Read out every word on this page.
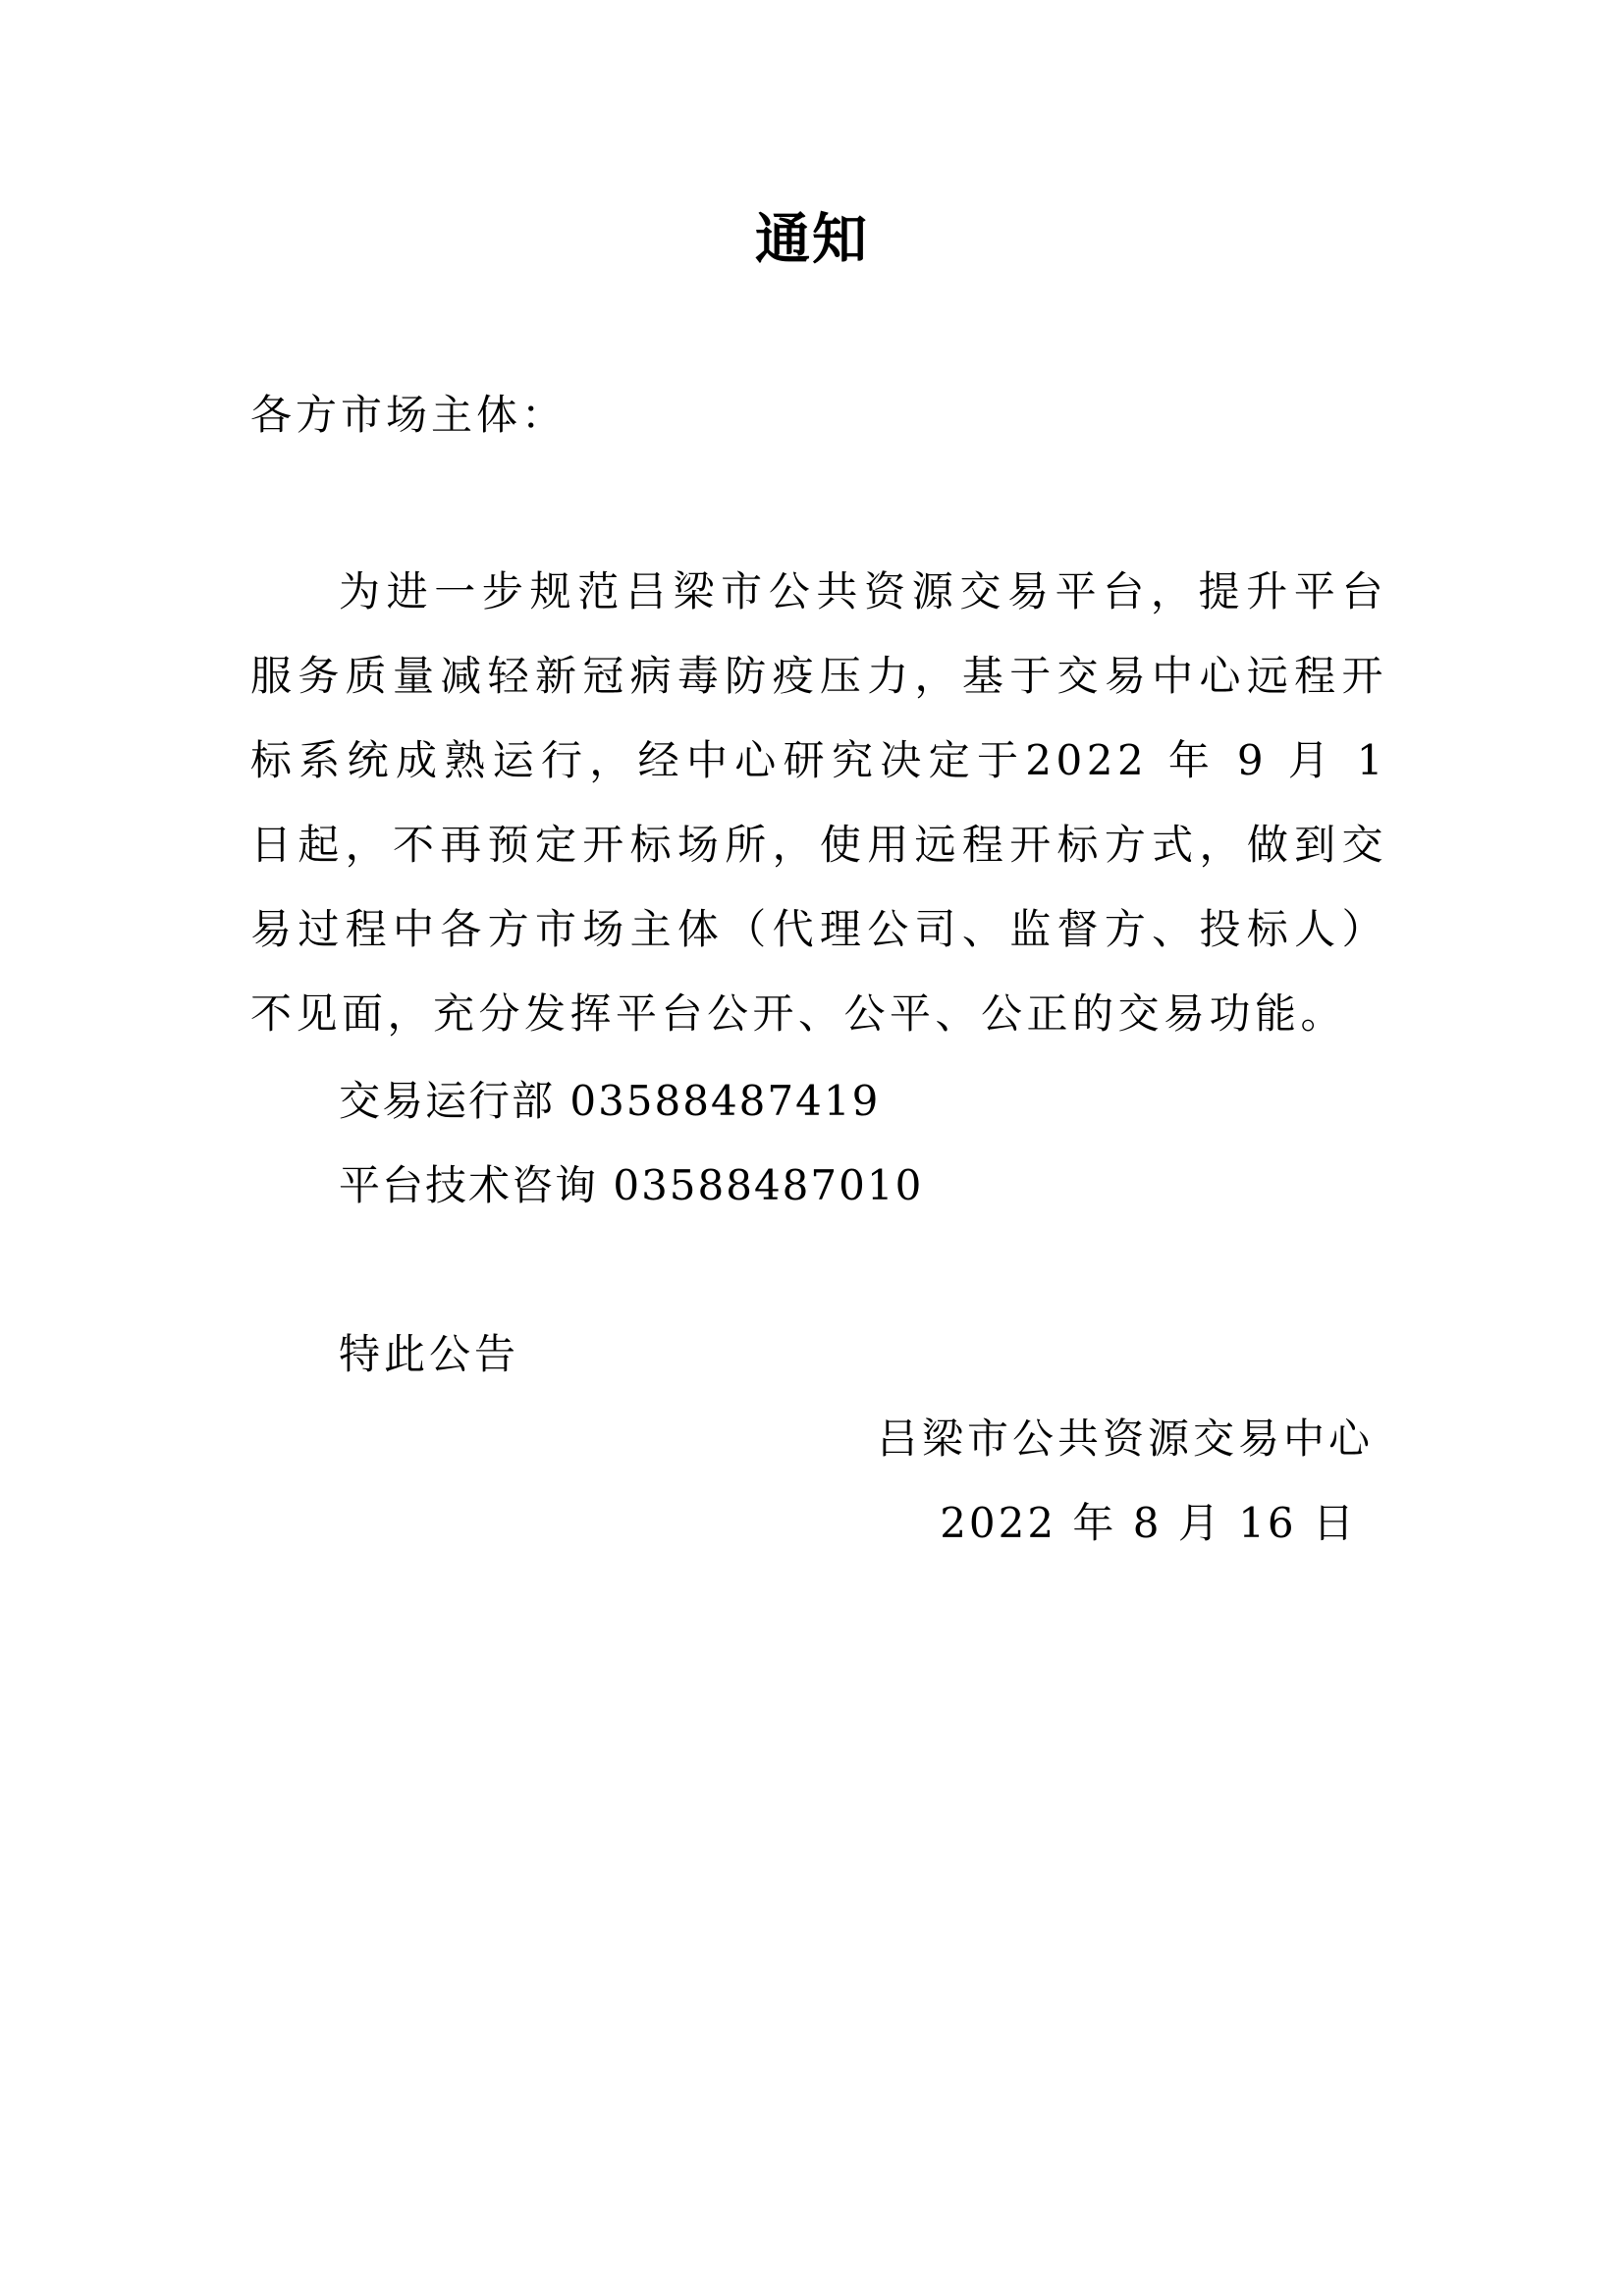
通知
各方市场主体：

为进一步规范吕梁市公共资源交易平台，提升平台服务质量减轻新冠病毒防疫压力，基于交易中心远程开标系统成熟运行，经中心研究决定于2022 年 9 月 1 日起，不再预定开标场所，使用远程开标方式，做到交易过程中各方市场主体（代理公司、监督方、投标人）不见面，充分发挥平台公开、公平、公正的交易功能。

交易运行部 03588487419
平台技术咨询 03588487010
特此公告
吕梁市公共资源交易中心
2022 年 8 月 16 日
